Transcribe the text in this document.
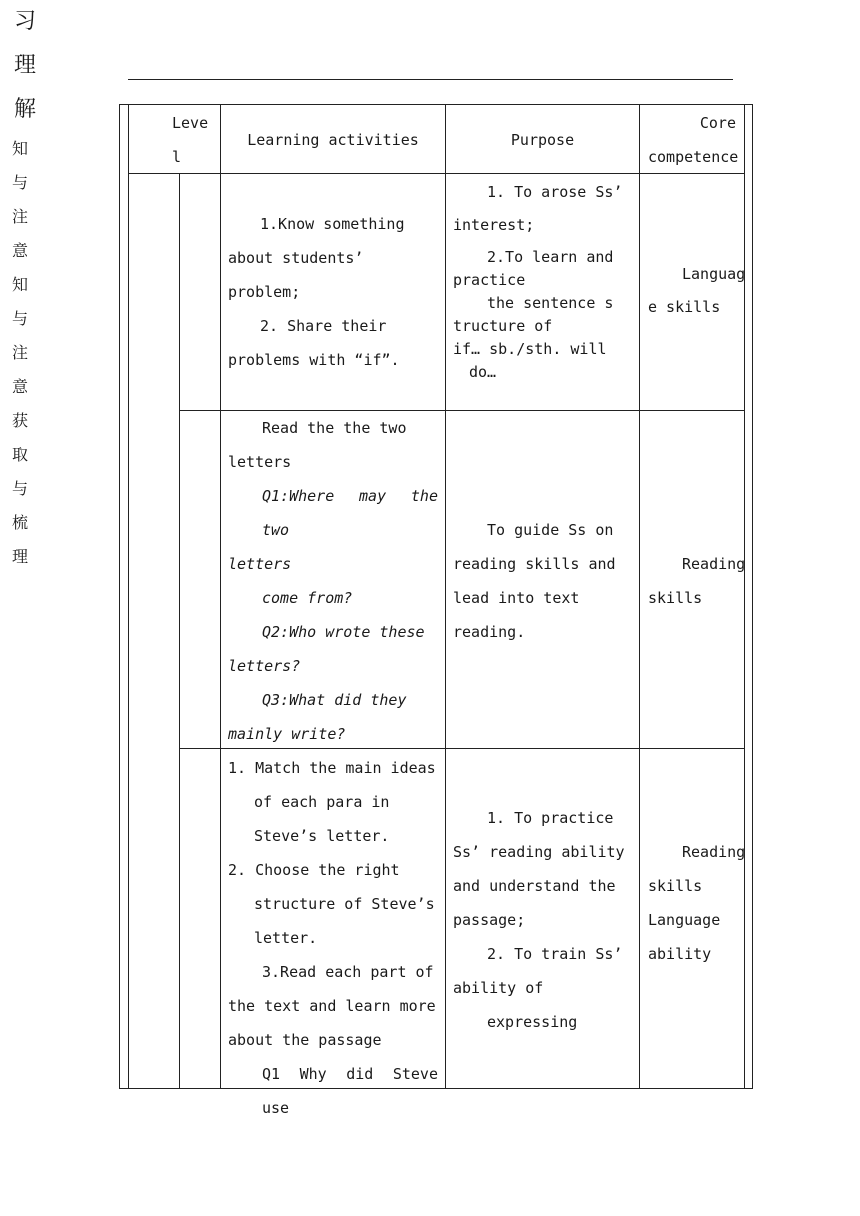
Leve

l

Learning activities	Purpose

Core

competence

习

理

解

知

与

注

意

1.Know something

about students’

problem;

2. Share their

problems with “if”.

1. To arose Ss’

interest;

2.To learn and

practice

the sentence s

tructure of

if… sb./sth. will

do…

Languag

e skills

知

与

注

意

Read the the two

letters

Q1:Where may the two

letters

come from?

Q2:Who wrote these

letters?

Q3:What did they

mainly write?

To guide Ss on

reading skills and

lead into text

reading.

Reading

skills

获

取

与

梳

理

1. Match the main ideas

of each para in

Steve’s letter.

2. Choose the right

structure of Steve’s

letter.

3.Read each part of

the text and learn more

about the passage

Q1 Why did Steve use

1. To practice

Ss’ reading ability

and understand the

passage;

2. To train Ss’

ability of

expressing

Reading

skills

Language

ability
